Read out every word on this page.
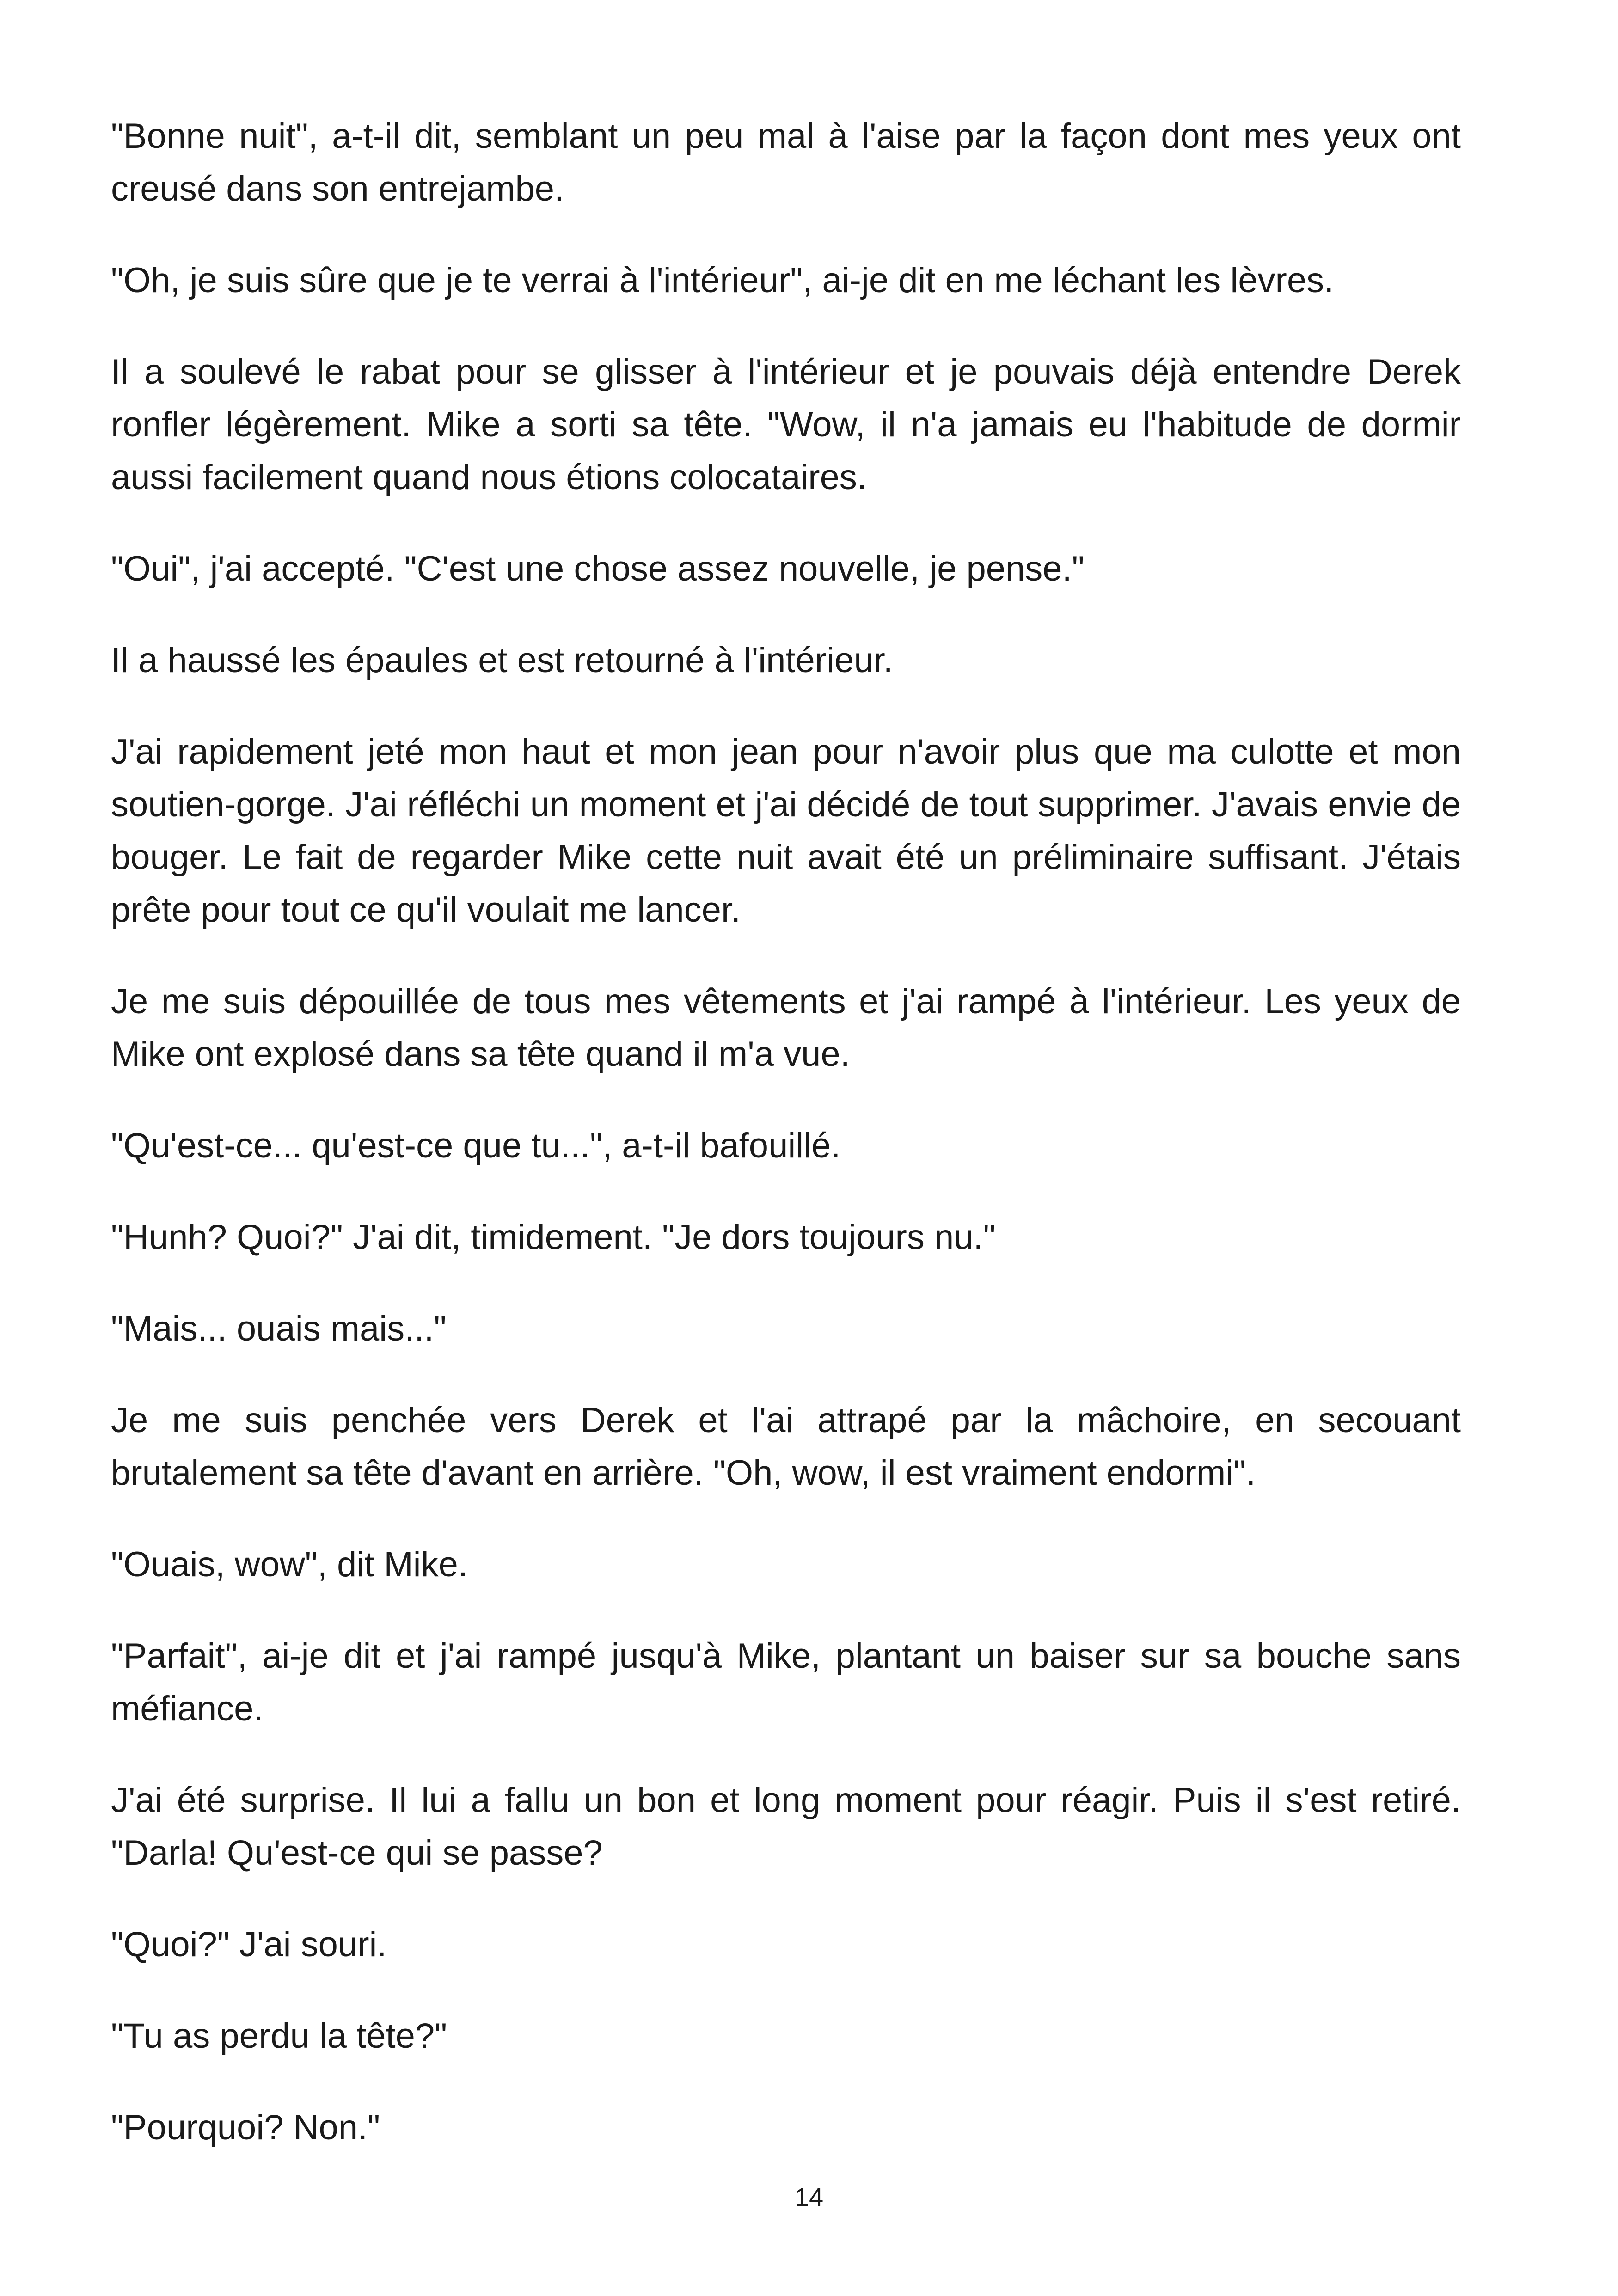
"Bonne nuit", a-t-il dit, semblant un peu mal à l'aise par la façon dont mes yeux ont creusé dans son entrejambe.

"Oh, je suis sûre que je te verrai à l'intérieur", ai-je dit en me léchant les lèvres.

Il a soulevé le rabat pour se glisser à l'intérieur et je pouvais déjà entendre Derek ronfler légèrement. Mike a sorti sa tête. "Wow, il n'a jamais eu l'habitude de dormir aussi facilement quand nous étions colocataires.

"Oui", j'ai accepté. "C'est une chose assez nouvelle, je pense."

Il a haussé les épaules et est retourné à l'intérieur.

J'ai rapidement jeté mon haut et mon jean pour n'avoir plus que ma culotte et mon soutien-gorge. J'ai réfléchi un moment et j'ai décidé de tout supprimer. J'avais envie de bouger. Le fait de regarder Mike cette nuit avait été un préliminaire suffisant. J'étais prête pour tout ce qu'il voulait me lancer.

Je me suis dépouillée de tous mes vêtements et j'ai rampé à l'intérieur. Les yeux de Mike ont explosé dans sa tête quand il m'a vue.

"Qu'est-ce... qu'est-ce que tu...", a-t-il bafouillé.

"Hunh? Quoi?" J'ai dit, timidement. "Je dors toujours nu."

"Mais... ouais mais..."

Je me suis penchée vers Derek et l'ai attrapé par la mâchoire, en secouant brutalement sa tête d'avant en arrière. "Oh, wow, il est vraiment endormi".

"Ouais, wow", dit Mike.

"Parfait", ai-je dit et j'ai rampé jusqu'à Mike, plantant un baiser sur sa bouche sans méfiance.

J'ai été surprise. Il lui a fallu un bon et long moment pour réagir. Puis il s'est retiré. "Darla! Qu'est-ce qui se passe?

"Quoi?" J'ai souri.

"Tu as perdu la tête?"

"Pourquoi? Non."

14
